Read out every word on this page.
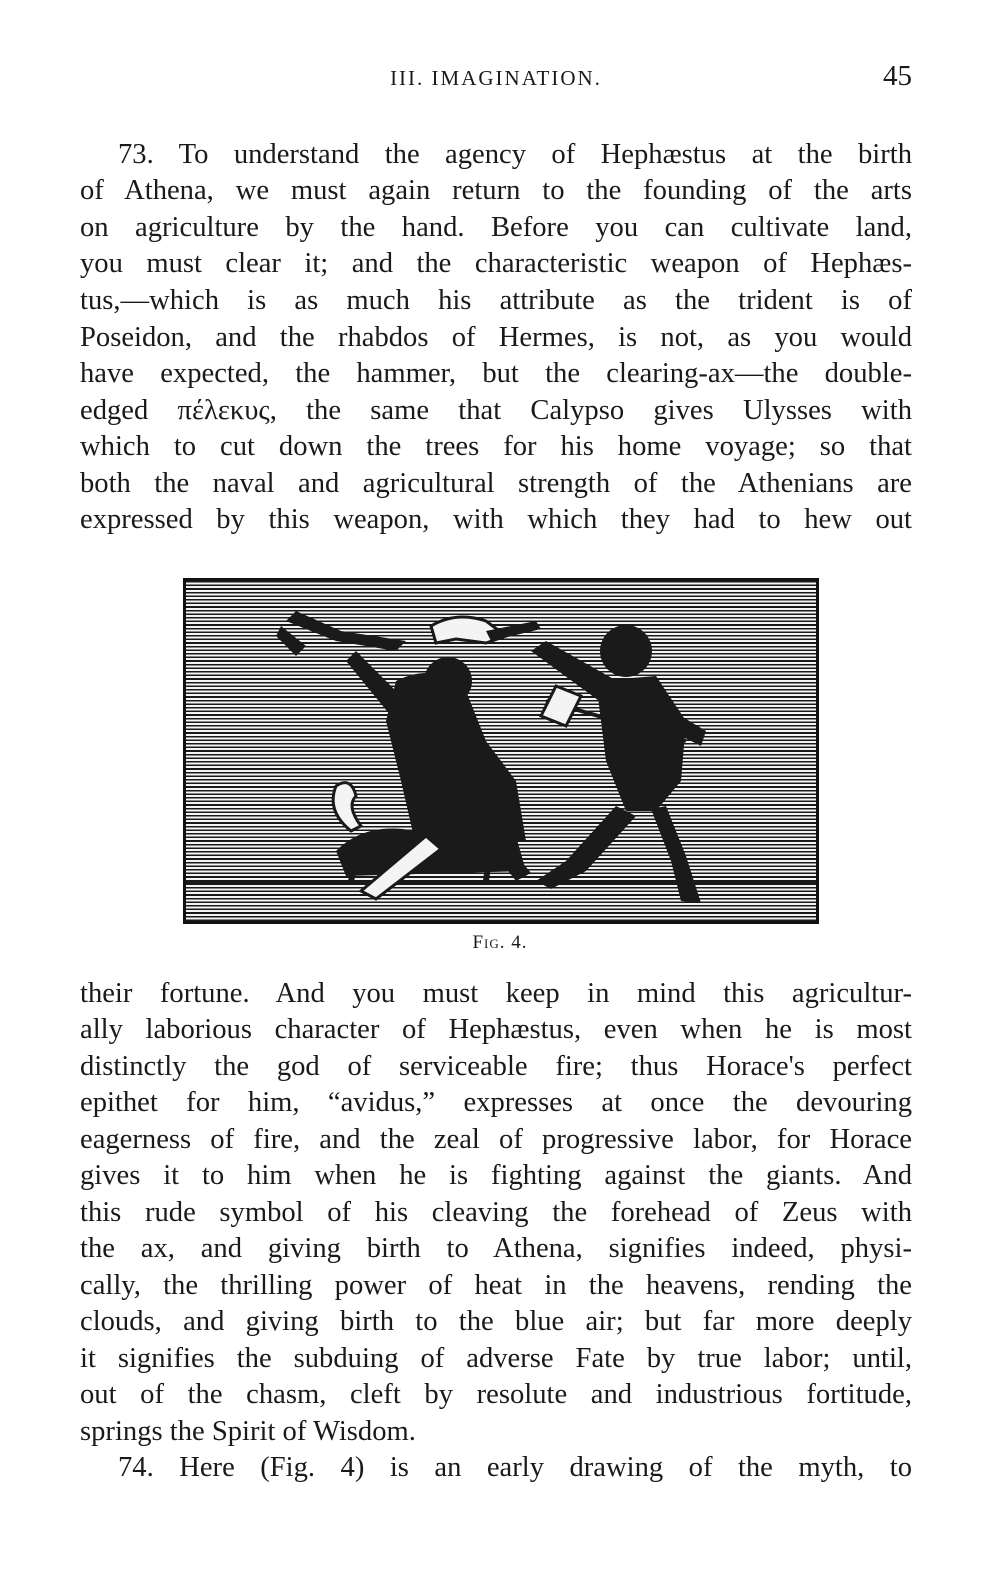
III. IMAGINATION.	45

73. To understand the agency of Hephæstus at the birth

of Athena, we must again return to the founding of the arts

on agriculture by the hand. Before you can cultivate land,

you must clear it; and the characteristic weapon of Hephæs-

tus,—which is as much his attribute as the trident is of

Poseidon, and the rhabdos of Hermes, is not, as you would

have expected, the hammer, but the clearing-ax—the double-

edged πέλεκυς, the same that Calypso gives Ulysses with

which to cut down the trees for his home voyage; so that

both the naval and agricultural strength of the Athenians are

expressed by this weapon, with which they had to hew out

Fig. 4.

their fortune. And you must keep in mind this agricultur-

ally laborious character of Hephæstus, even when he is most

distinctly the god of serviceable fire; thus Horace's perfect

epithet for him, “avidus,” expresses at once the devouring

eagerness of fire, and the zeal of progressive labor, for Horace

gives it to him when he is fighting against the giants. And

this rude symbol of his cleaving the forehead of Zeus with

the ax, and giving birth to Athena, signifies indeed, physi-

cally, the thrilling power of heat in the heavens, rending the

clouds, and giving birth to the blue air; but far more deeply

it signifies the subduing of adverse Fate by true labor; until,

out of the chasm, cleft by resolute and industrious fortitude,

springs the Spirit of Wisdom.

74. Here (Fig. 4) is an early drawing of the myth, to
